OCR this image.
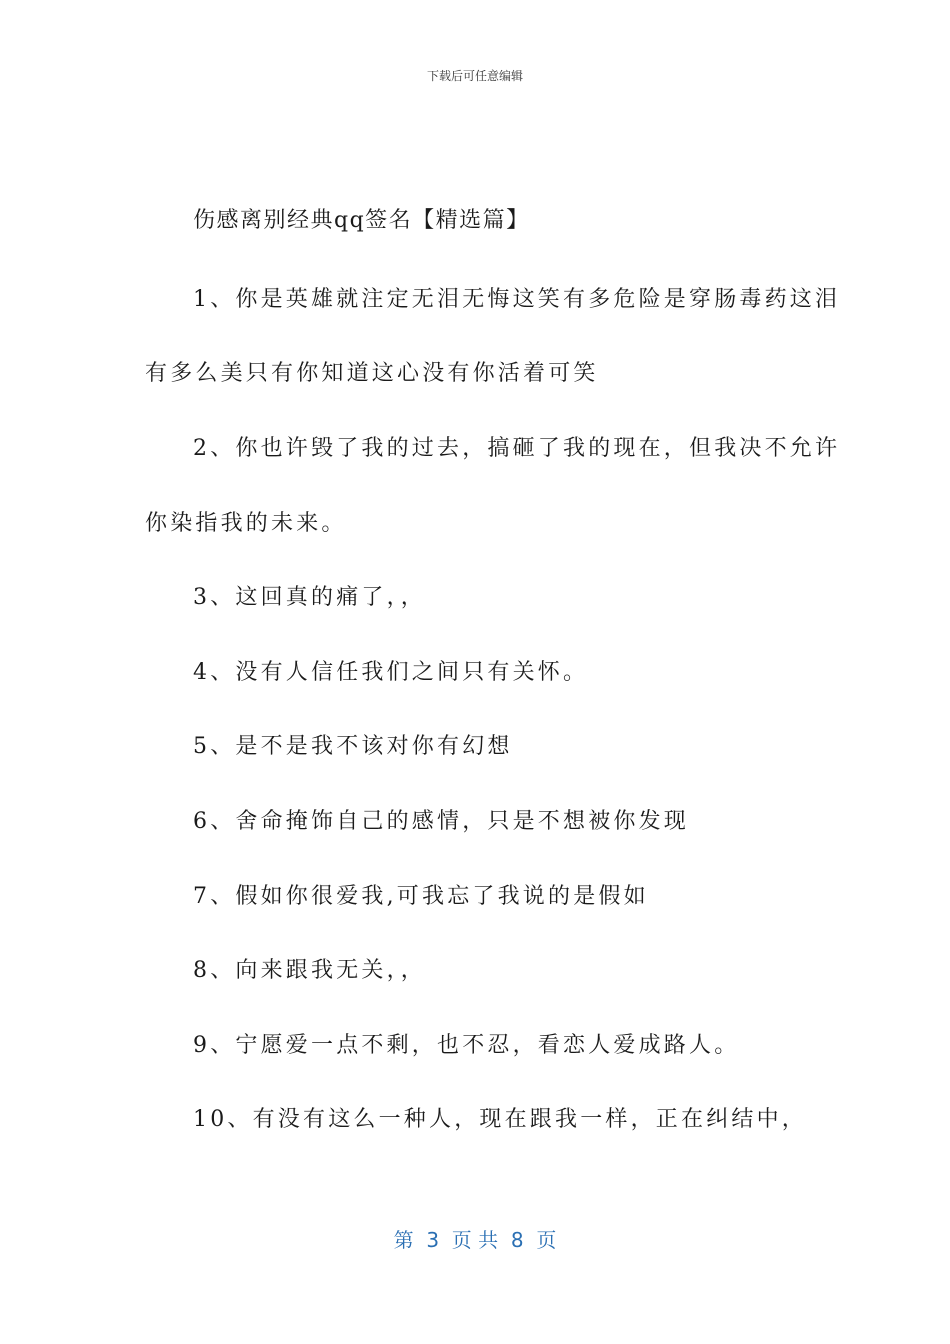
下载后可任意编辑
伤感离别经典qq签名【精选篇】
1、你是英雄就注定无泪无悔这笑有多危险是穿肠毒药这泪
有多么美只有你知道这心没有你活着可笑
2、你也许毁了我的过去，搞砸了我的现在，但我决不允许
你染指我的未来。
3、这回真的痛了，，
4、没有人信任我们之间只有关怀。
5、是不是我不该对你有幻想
6、舍命掩饰自己的感情，只是不想被你发现
7、假如你很爱我,可我忘了我说的是假如
8、向来跟我无关，，
9、宁愿爱一点不剩，也不忍，看恋人爱成路人。
10、有没有这么一种人，现在跟我一样，正在纠结中，
第  3  页 共  8  页
